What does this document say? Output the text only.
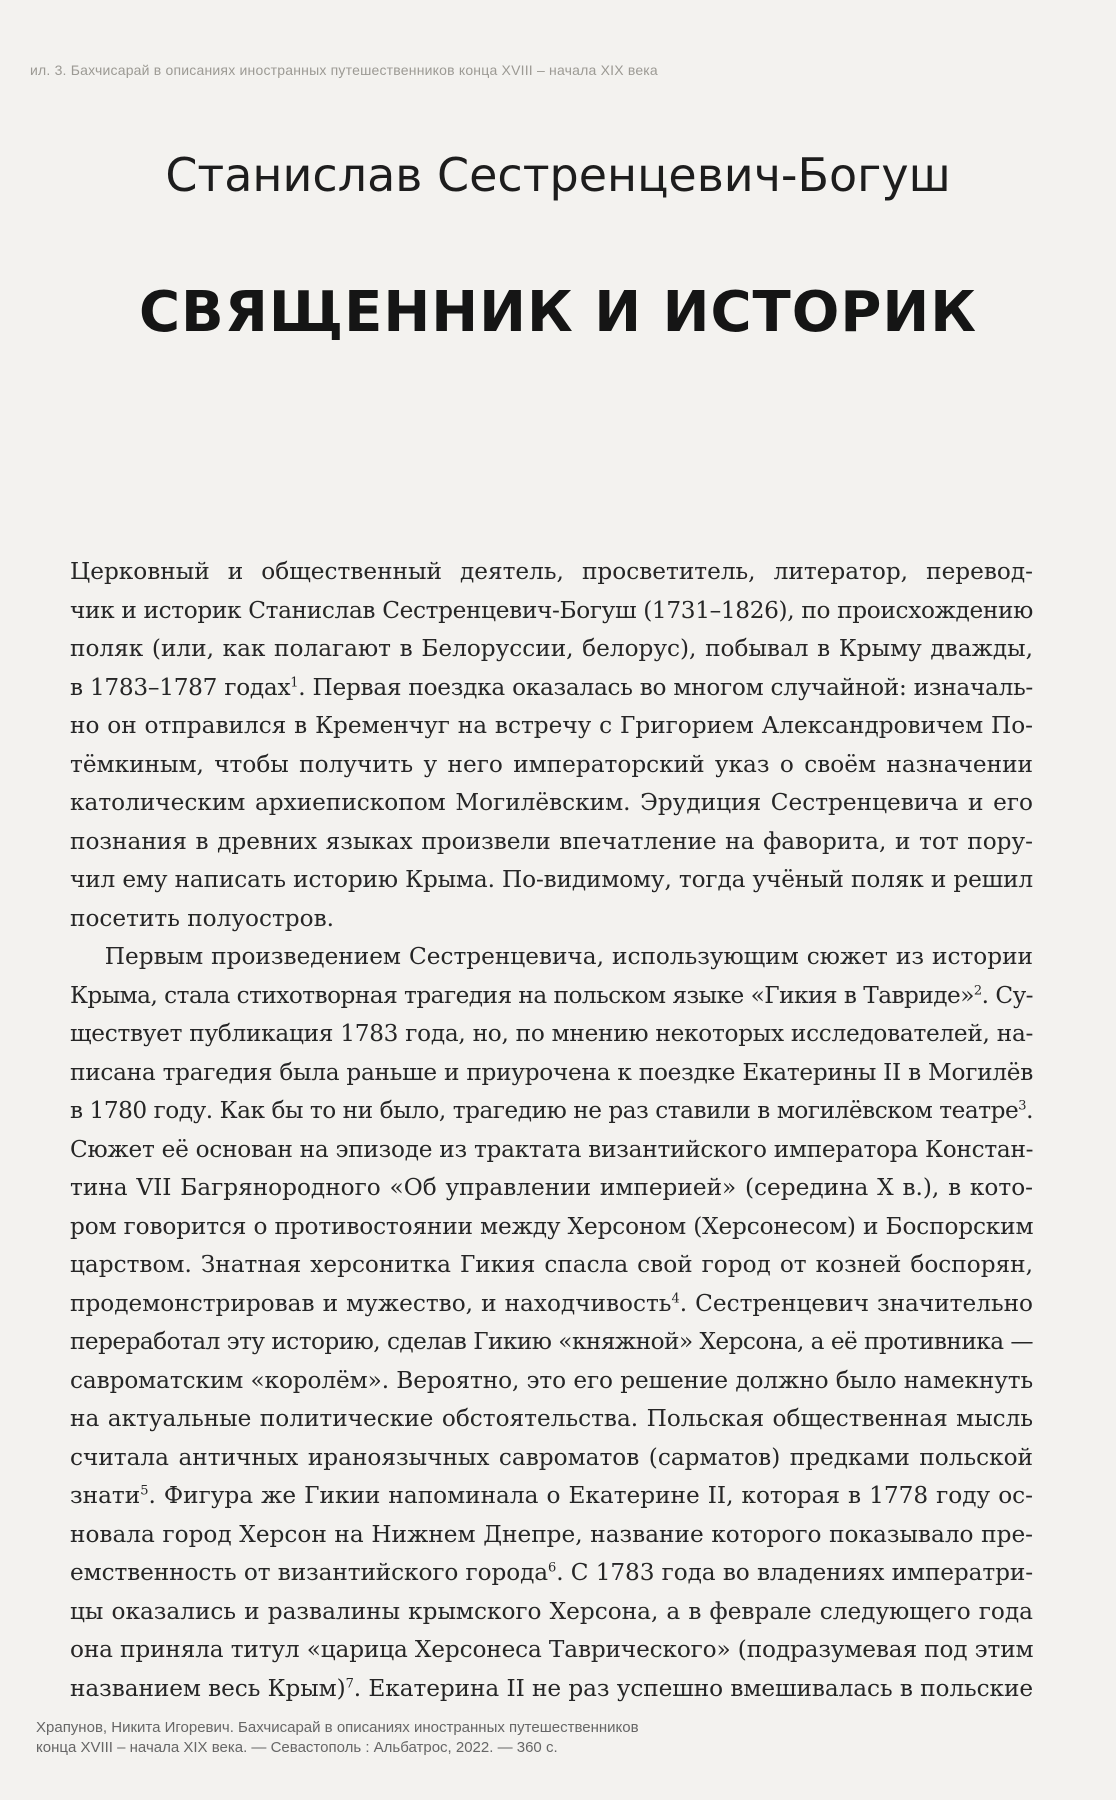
ил. 3. Бахчисарай в описаниях иностранных путешественников конца XVIII – начала XIX века
Станислав Сестренцевич-Богуш
СВЯЩЕННИК И ИСТОРИК

Церковный и общественный деятель, просветитель, литератор, перевод-
чик и историк Станислав Сестренцевич-Богуш (1731–1826), по происхождению
поляк (или, как полагают в Белоруссии, белорус), побывал в Крыму дважды,
в 1783–1787 годах$^1$. Первая поездка оказалась во многом случайной: изначаль-
но он отправился в Кременчуг на встречу с Григорием Александровичем По-
тёмкиным, чтобы получить у него императорский указ о своём назначении
католическим архиепископом Могилёвским. Эрудиция Сестренцевича и его
познания в древних языках произвели впечатление на фаворита, и тот пору-
чил ему написать историю Крыма. По-видимому, тогда учёный поляк и решил
посетить полуостров.

  Первым произведением Сестренцевича, использующим сюжет из истории
Крыма, стала стихотворная трагедия на польском языке «Гикия в Тавриде»$^2$. Су-
ществует публикация 1783 года, но, по мнению некоторых исследователей, на-
писана трагедия была раньше и приурочена к поездке Екатерины II в Могилёв
в 1780 году. Как бы то ни было, трагедию не раз ставили в могилёвском театре$^3$.
Сюжет её основан на эпизоде из трактата византийского императора Констан-
тина VII Багрянородного «Об управлении империей» (середина X в.), в кото-
ром говорится о противостоянии между Херсоном (Херсонесом) и Боспорским
царством. Знатная херсонитка Гикия спасла свой город от козней боспорян,
продемонстрировав и мужество, и находчивость$^4$. Сестренцевич значительно
переработал эту историю, сделав Гикию «княжной» Херсона, а её противника —
савроматским «королём». Вероятно, это его решение должно было намекнуть
на актуальные политические обстоятельства. Польская общественная мысль
считала античных ираноязычных савроматов (сарматов) предками польской
знати$^5$. Фигура же Гикии напоминала о Екатерине II, которая в 1778 году ос-
новала город Херсон на Нижнем Днепре, название которого показывало пре-
емственность от византийского города$^6$. С 1783 года во владениях императри-
цы оказались и развалины крымского Херсона, а в феврале следующего года
она приняла титул «царица Херсонеса Таврического» (подразумевая под этим
названием весь Крым)$^7$. Екатерина II не раз успешно вмешивалась в польские

Храпунов, Никита Игоревич. Бахчисарай в описаниях иностранных путешественников
конца XVIII – начала XIX века. — Севастополь : Альбатрос, 2022. — 360 с.
